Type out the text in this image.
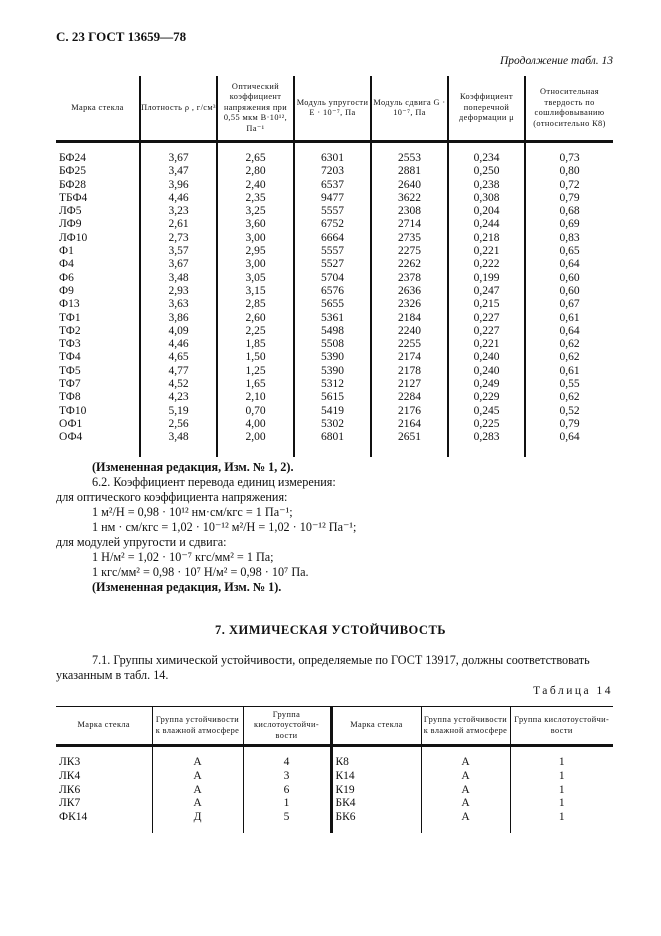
С. 23 ГОСТ 13659—78
Продолжение табл. 13
Марка стекла	Плотность ρ , г/см³	Оптический коэффициент напряжения при 0,55 мкм B·10¹², Па⁻¹	Модуль упругости E · 10⁻⁷, Па	Модуль сдвига G · 10⁻⁷, Па	Коэффициент поперечной деформации μ	Относительная твердость по сошлифовыванию (относительно К8)
БФ24	3,67	2,65	6301	2553	0,234	0,73
БФ25	3,47	2,80	7203	2881	0,250	0,80
БФ28	3,96	2,40	6537	2640	0,238	0,72
ТБФ4	4,46	2,35	9477	3622	0,308	0,79
ЛФ5	3,23	3,25	5557	2308	0,204	0,68
ЛФ9	2,61	3,60	6752	2714	0,244	0,69
ЛФ10	2,73	3,00	6664	2735	0,218	0,83
Ф1	3,57	2,95	5557	2275	0,221	0,65
Ф4	3,67	3,00	5527	2262	0,222	0,64
Ф6	3,48	3,05	5704	2378	0,199	0,60
Ф9	2,93	3,15	6576	2636	0,247	0,60
Ф13	3,63	2,85	5655	2326	0,215	0,67
ТФ1	3,86	2,60	5361	2184	0,227	0,61
ТФ2	4,09	2,25	5498	2240	0,227	0,64
ТФ3	4,46	1,85	5508	2255	0,221	0,62
ТФ4	4,65	1,50	5390	2174	0,240	0,62
ТФ5	4,77	1,25	5390	2178	0,240	0,61
ТФ7	4,52	1,65	5312	2127	0,249	0,55
ТФ8	4,23	2,10	5615	2284	0,229	0,62
ТФ10	5,19	0,70	5419	2176	0,245	0,52
ОФ1	2,56	4,00	5302	2164	0,225	0,79
ОФ4	3,48	2,00	6801	2651	0,283	0,64
(Измененная редакция, Изм. № 1, 2).
6.2. Коэффициент перевода единиц измерения:
для оптического коэффициента напряжения:
1 м²/Н = 0,98 · 10¹² нм·см/кгс = 1 Па⁻¹;
1 нм · см/кгс = 1,02 · 10⁻¹² м²/Н = 1,02 · 10⁻¹² Па⁻¹;
для модулей упругости и сдвига:
1 Н/м² = 1,02 · 10⁻⁷ кгс/мм² = 1 Па;
1 кгс/мм² = 0,98 · 10⁷ Н/м² = 0,98 · 10⁷ Па.
(Измененная редакция, Изм. № 1).
7. ХИМИЧЕСКАЯ УСТОЙЧИВОСТЬ
7.1. Группы химической устойчивости, определяемые по ГОСТ 13917, должны соответствовать
указанным в табл. 14.
Таблица 14
Марка стекла	Группа устойчивости к влажной атмосфере	Группа кислотоустойчи-вости	Марка стекла	Группа устойчивости к влажной атмосфере	Группа кислотоустойчи-вости
ЛК3	А	4	К8	А	1
ЛК4	А	3	К14	А	1
ЛК6	А	6	К19	А	1
ЛК7	А	1	БК4	А	1
ФК14	Д	5	БК6	А	1
